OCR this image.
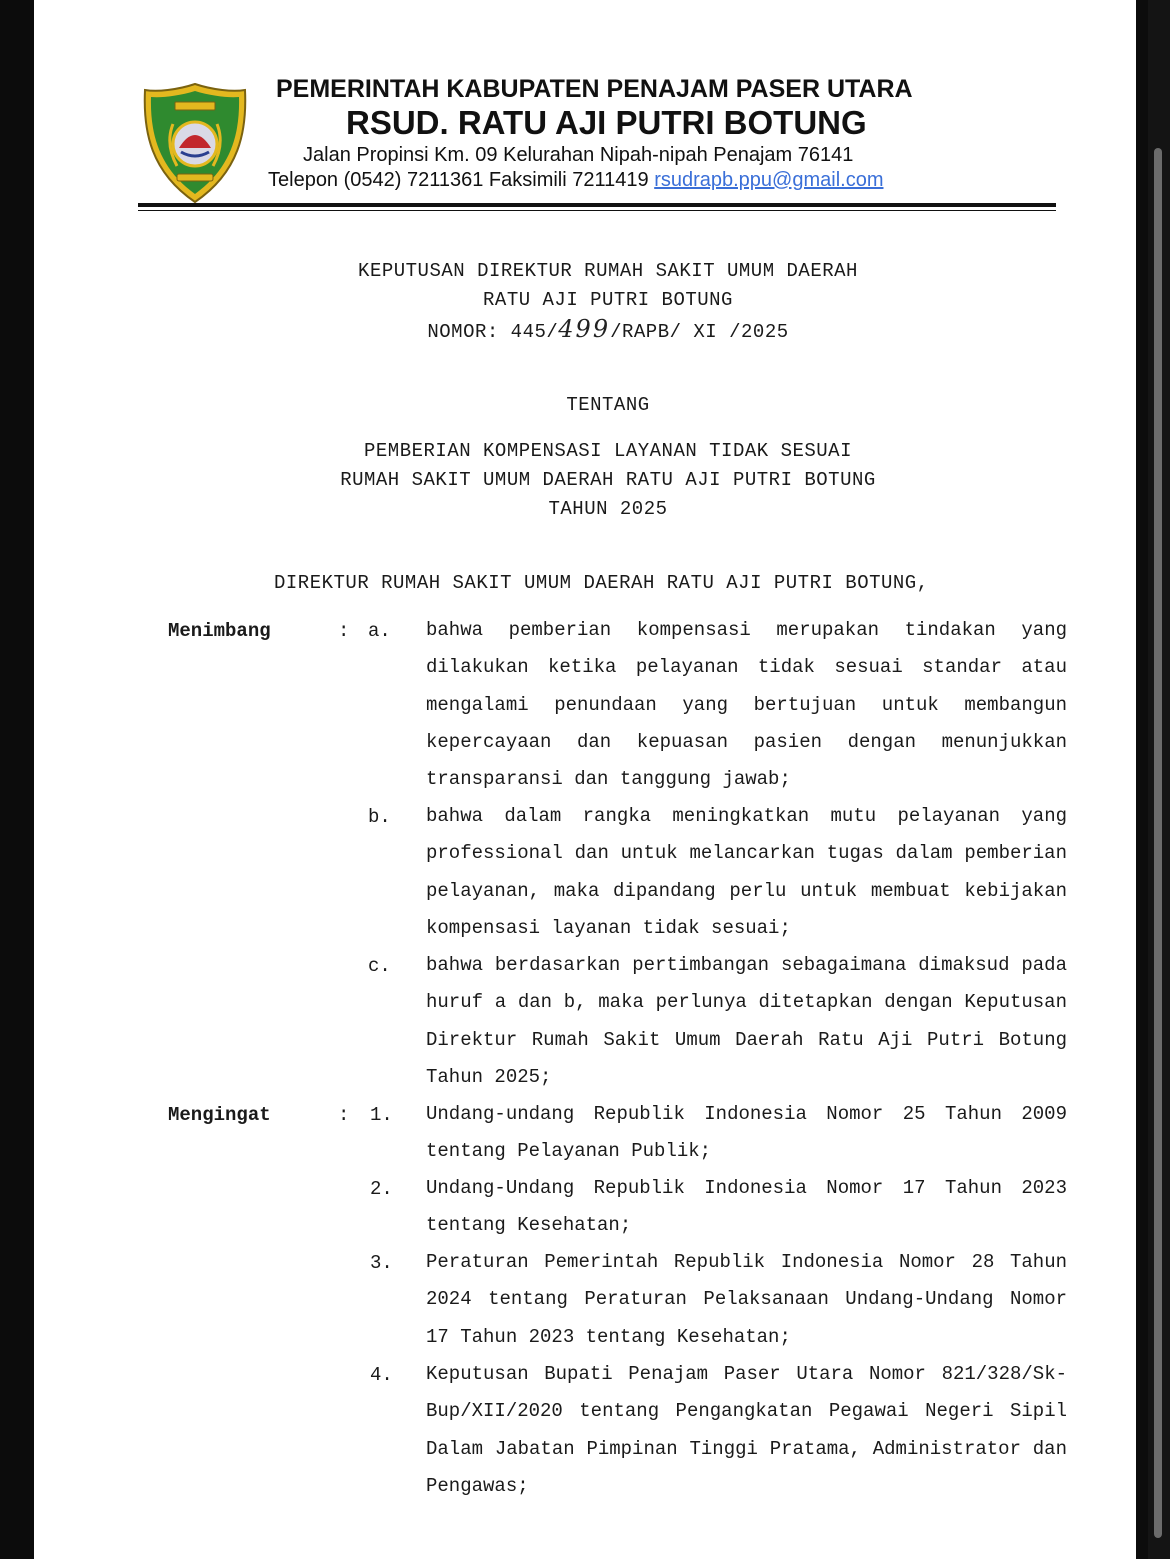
PEMERINTAH KABUPATEN PENAJAM PASER UTARA
RSUD. RATU AJI PUTRI BOTUNG
Jalan Propinsi Km. 09 Kelurahan Nipah-nipah Penajam 76141
Telepon (0542) 7211361 Faksimili 7211419 rsudrapb.ppu@gmail.com
KEPUTUSAN DIREKTUR RUMAH SAKIT UMUM DAERAH
RATU AJI PUTRI BOTUNG
NOMOR: 445/499/RAPB/ XI /2025
TENTANG
PEMBERIAN KOMPENSASI LAYANAN TIDAK SESUAI
RUMAH SAKIT UMUM DAERAH RATU AJI PUTRI BOTUNG
TAHUN 2025
DIREKTUR RUMAH SAKIT UMUM DAERAH RATU AJI PUTRI BOTUNG,
Menimbang	: a. bahwa pemberian kompensasi merupakan tindakan yang dilakukan ketika pelayanan tidak sesuai standar atau mengalami penundaan yang bertujuan untuk membangun kepercayaan dan kepuasan pasien dengan menunjukkan transparansi dan tanggung jawab;
b. bahwa dalam rangka meningkatkan mutu pelayanan yang professional dan untuk melancarkan tugas dalam pemberian pelayanan, maka dipandang perlu untuk membuat kebijakan kompensasi layanan tidak sesuai;
c. bahwa berdasarkan pertimbangan sebagaimana dimaksud pada huruf a dan b, maka perlunya ditetapkan dengan Keputusan Direktur Rumah Sakit Umum Daerah Ratu Aji Putri Botung Tahun 2025;
Mengingat	: 1. Undang-undang Republik Indonesia Nomor 25 Tahun 2009 tentang Pelayanan Publik;
2. Undang-Undang Republik Indonesia Nomor 17 Tahun 2023 tentang Kesehatan;
3. Peraturan Pemerintah Republik Indonesia Nomor 28 Tahun 2024 tentang Peraturan Pelaksanaan Undang-Undang Nomor 17 Tahun 2023 tentang Kesehatan;
4. Keputusan Bupati Penajam Paser Utara Nomor 821/328/Sk-Bup/XII/2020 tentang Pengangkatan Pegawai Negeri Sipil Dalam Jabatan Pimpinan Tinggi Pratama, Administrator dan Pengawas;
